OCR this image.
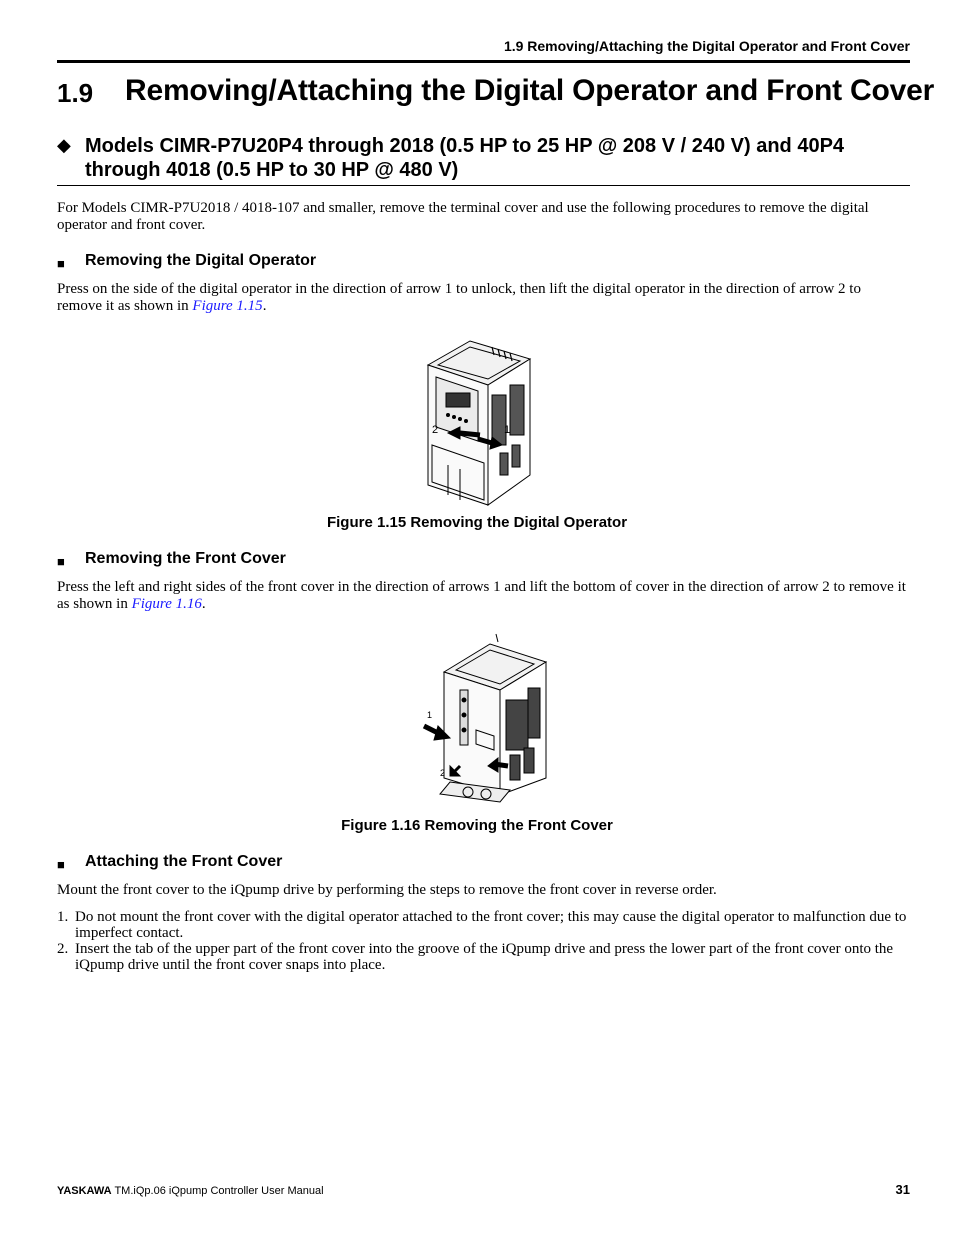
1.9 Removing/Attaching the Digital Operator and Front Cover
1.9 Removing/Attaching the Digital Operator and Front Cover
◆ Models CIMR-P7U20P4 through 2018 (0.5 HP to 25 HP @ 208 V / 240 V) and 40P4 through 4018 (0.5 HP to 30 HP @ 480 V)

For Models CIMR-P7U2018 / 4018-107 and smaller, remove the terminal cover and use the following procedures to remove the digital operator and front cover.

■ Removing the Digital Operator

Press on the side of the digital operator in the direction of arrow 1 to unlock, then lift the digital operator in the direction of arrow 2 to remove it as shown in Figure 1.15.

2	1
Figure 1.15 Removing the Digital Operator
■ Removing the Front Cover

Press the left and right sides of the front cover in the direction of arrows 1 and lift the bottom of cover in the direction of arrow 2 to remove it as shown in Figure 1.16.

1
2
Figure 1.16 Removing the Front Cover
■ Attaching the Front Cover

Mount the front cover to the iQpump drive by performing the steps to remove the front cover in reverse order.

1. Do not mount the front cover with the digital operator attached to the front cover; this may cause the digital operator to malfunction due to imperfect contact.
2. Insert the tab of the upper part of the front cover into the groove of the iQpump drive and press the lower part of the front cover onto the iQpump drive until the front cover snaps into place.
YASKAWA TM.iQp.06 iQpump Controller User Manual	31
